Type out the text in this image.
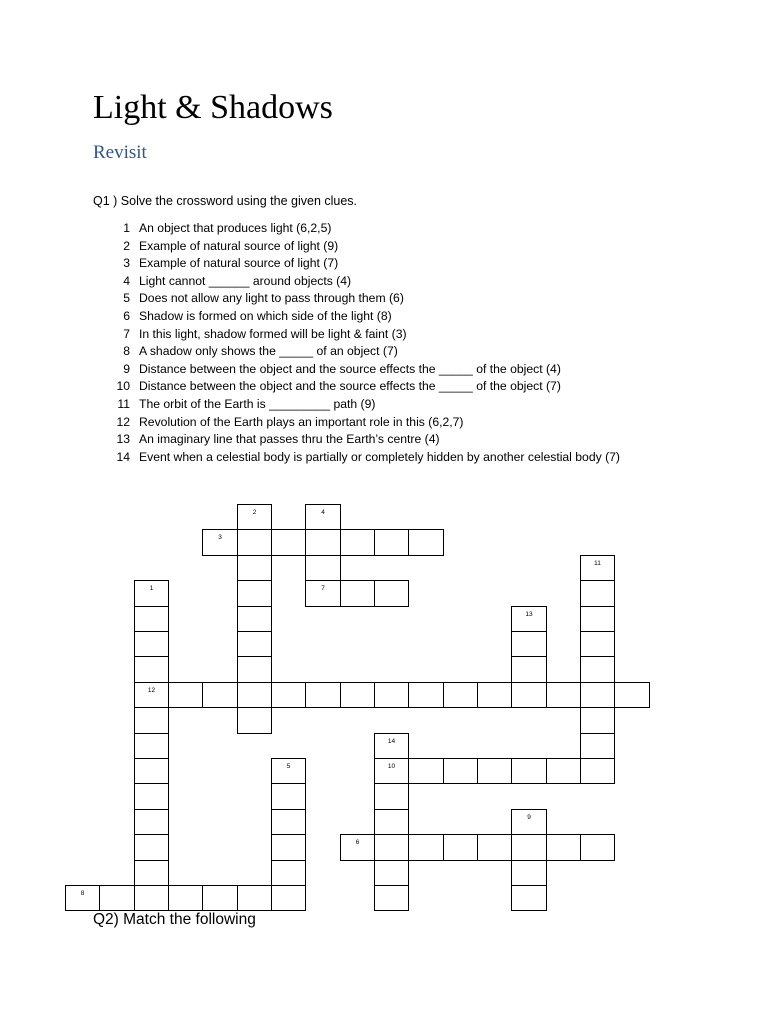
Light & Shadows
Revisit
Q1 ) Solve the crossword using the given clues.
1 An object that produces light (6,2,5)
2 Example of natural source of light (9)
3 Example of natural source of light (7)
4 Light cannot ______ around objects (4)
5 Does not allow any light to pass through them (6)
6 Shadow is formed on which side of the light (8)
7 In this light, shadow formed will be light & faint (3)
8 A shadow only shows the _____ of an object (7)
9 Distance between the object and the source effects the _____ of the object (4)
10 Distance between the object and the source effects the _____ of the object (7)
11 The orbit of the Earth is _________ path (9)
12 Revolution of the Earth plays an important role in this (6,2,7)
13 An imaginary line that passes thru the Earth’s centre (4)
14 Event when a celestial body is partially or completely hidden by another celestial body (7)
1
12
2
3
4
7
5
6
8
9
10
11
13
14
Q2) Match the following
